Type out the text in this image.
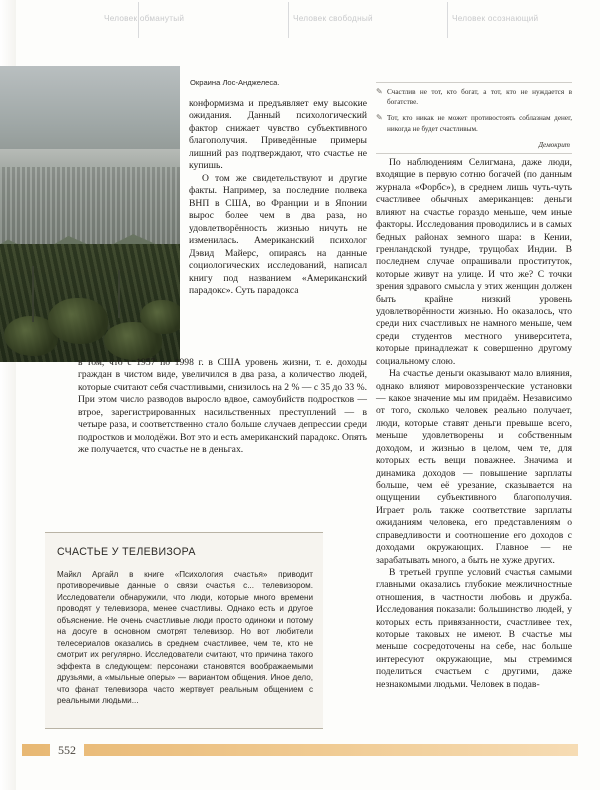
Человек обманутый	Человек свободный	Человек осознающий
Окраина Лос-Анджелеса.
✎ Счастлив не тот, кто богат, а тот, кто не нуждается в богатстве.
✎ Тот, кто никак не может противостоять соблазнам денег, никогда не будет счастливым.
Демокрит

конформизма и предъявляет ему высокие ожидания. Данный психологический фактор снижает чувство субъективного благополучия. Приведённые примеры лишний раз подтверждают, что счастье не купишь.

О том же свидетельствуют и другие факты. Например, за последние полвека ВНП в США, во Франции и в Японии вырос более чем в два раза, но удовлетворённость жизнью ничуть не изменилась. Американский психолог Дэвид Майерс, опираясь на данные социологических исследований, написал книгу под названием «Американский парадокс». Суть парадокса

в том, что с 1957 по 1998 г. в США уровень жизни, т. е. доходы граждан в чистом виде, увеличился в два раза, а количество людей, которые считают себя счастливыми, снизилось на 2 % — с 35 до 33 %. При этом число разводов выросло вдвое, самоубийств подростков — втрое, зарегистрированных насильственных преступлений — в четыре раза, и соответственно стало больше случаев депрессии среди подростков и молодёжи. Вот это и есть американский парадокс. Опять же получается, что счастье не в деньгах.

По наблюдениям Селигмана, даже люди, входящие в первую сотню богачей (по данным журнала «Форбс»), в среднем лишь чуть-чуть счастливее обычных американцев: деньги влияют на счастье гораздо меньше, чем иные факторы. Исследования проводились и в самых бедных районах земного шара: в Кении, гренландской тундре, трущобах Индии. В последнем случае опрашивали проституток, которые живут на улице. И что же? С точки зрения здравого смысла у этих женщин должен быть крайне низкий уровень удовлетворённости жизнью. Но оказалось, что среди них счастливых не намного меньше, чем среди студентов местного университета, которые принадлежат к совершенно другому социальному слою.

На счастье деньги оказывают мало влияния, однако влияют мировоззренческие установки — какое значение мы им придаём. Независимо от того, сколько человек реально получает, люди, которые ставят деньги превыше всего, меньше удовлетворены и собственным доходом, и жизнью в целом, чем те, для которых есть вещи поважнее. Значима и динамика доходов — повышение зарплаты больше, чем её урезание, сказывается на ощущении субъективного благополучия. Играет роль также соответствие зарплаты ожиданиям человека, его представлениям о справедливости и соотношение его доходов с доходами окружающих. Главное — не зарабатывать много, а быть не хуже других.

В третьей группе условий счастья самыми главными оказались глубокие межличностные отношения, в частности любовь и дружба. Исследования показали: большинство людей, у которых есть привязанности, счастливее тех, которые таковых не имеют. В счастье мы меньше сосредоточены на себе, нас больше интересуют окружающие, мы стремимся поделиться счастьем с другими, даже незнакомыми людьми. Человек в подав-

СЧАСТЬЕ У ТЕЛЕВИЗОРА
Майкл Аргайл в книге «Психология счастья» приводит противоречивые данные о связи счастья с... телевизором. Исследователи обнаружили, что люди, которые много времени проводят у телевизора, менее счастливы. Однако есть и другое объяснение. Не очень счастливые люди просто одиноки и потому на досуге в основном смотрят телевизор. Но вот любители телесериалов оказались в среднем счастливее, чем те, кто не смотрит их регулярно. Исследователи считают, что причина такого эффекта в следующем: персонажи становятся воображаемыми друзьями, а «мыльные оперы» — вариантом общения. Иное дело, что фанат телевизора часто жертвует реальным общением с реальными людьми...
552
